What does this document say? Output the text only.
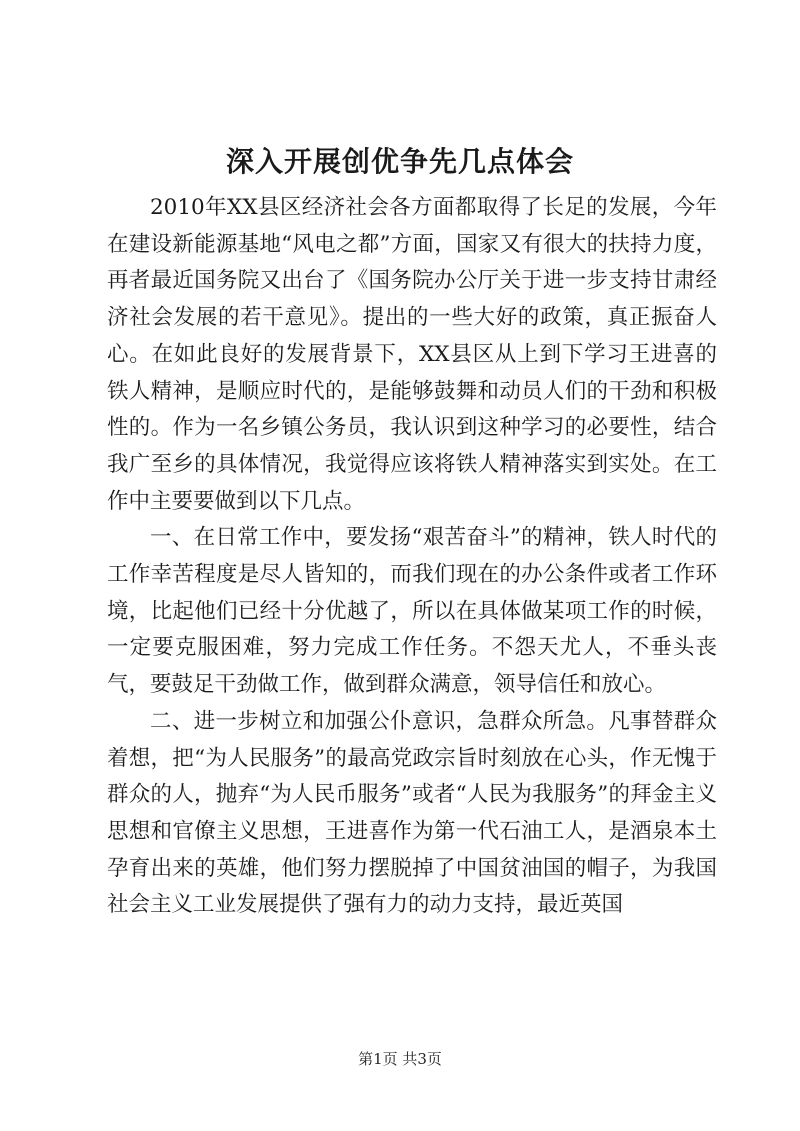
深入开展创优争先几点体会

2010年XX县区经济社会各方面都取得了长足的发展，今年在建设新能源基地“风电之都”方面，国家又有很大的扶持力度，再者最近国务院又出台了《国务院办公厅关于进一步支持甘肃经济社会发展的若干意见》。提出的一些大好的政策，真正振奋人心。在如此良好的发展背景下，XX县区从上到下学习王进喜的铁人精神，是顺应时代的，是能够鼓舞和动员人们的干劲和积极性的。作为一名乡镇公务员，我认识到这种学习的必要性，结合我广至乡的具体情况，我觉得应该将铁人精神落实到实处。在工作中主要要做到以下几点。

一、在日常工作中，要发扬“艰苦奋斗”的精神，铁人时代的工作幸苦程度是尽人皆知的，而我们现在的办公条件或者工作环境，比起他们已经十分优越了，所以在具体做某项工作的时候，一定要克服困难，努力完成工作任务。不怨天尤人，不垂头丧气，要鼓足干劲做工作，做到群众满意，领导信任和放心。

二、进一步树立和加强公仆意识，急群众所急。凡事替群众着想，把“为人民服务”的最高党政宗旨时刻放在心头，作无愧于群众的人，抛弃“为人民币服务”或者“人民为我服务”的拜金主义思想和官僚主义思想，王进喜作为第一代石油工人，是酒泉本土孕育出来的英雄，他们努力摆脱掉了中国贫油国的帽子，为我国社会主义工业发展提供了强有力的动力支持，最近英国

第1页 共3页
